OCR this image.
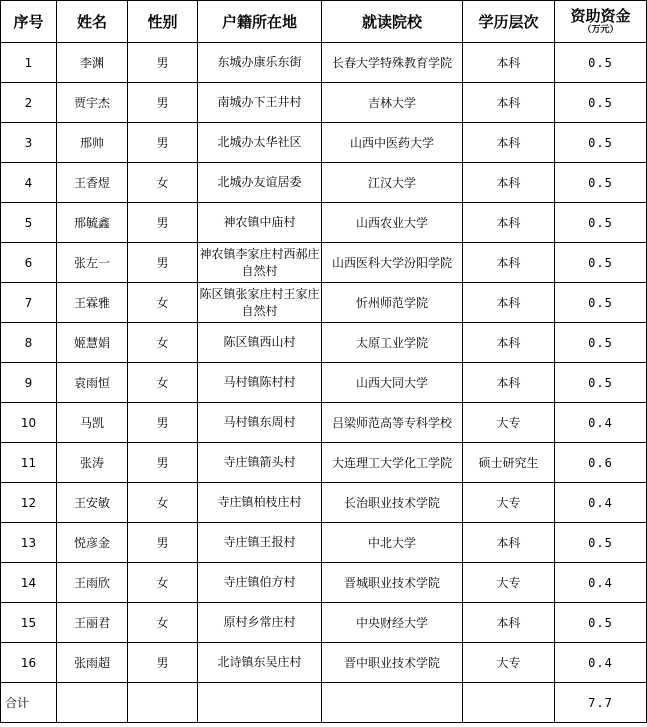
序号	姓名	性别	户籍所在地	就读院校	学历层次	资助资金
（万元）

1	李渊	男	东城办康乐东街	长春大学特殊教育学院	本科	0.5
2	贾宇杰	男	南城办下王井村	吉林大学	本科	0.5
3	邢帅	男	北城办太华社区	山西中医药大学	本科	0.5
4	王香煜	女	北城办友谊居委	江汉大学	本科	0.5
5	邢毓鑫	男	神农镇中庙村	山西农业大学	本科	0.5
6	张左一	男	神农镇李家庄村西郝庄自然村	山西医科大学汾阳学院	本科	0.5
7	王霖雅	女	陈区镇张家庄村王家庄自然村	忻州师范学院	本科	0.5
8	姬慧娟	女	陈区镇西山村	太原工业学院	本科	0.5
9	袁雨恒	女	马村镇陈村村	山西大同大学	本科	0.5
10	马凯	男	马村镇东周村	吕梁师范高等专科学校	大专	0.4
11	张涛	男	寺庄镇箭头村	大连理工大学化工学院	硕士研究生	0.6
12	王安敏	女	寺庄镇柏枝庄村	长治职业技术学院	大专	0.4
13	悦彦金	男	寺庄镇王报村	中北大学	本科	0.5
14	王雨欣	女	寺庄镇伯方村	晋城职业技术学院	大专	0.4
15	王丽君	女	原村乡常庄村	中央财经大学	本科	0.5
16	张雨超	男	北诗镇东吴庄村	晋中职业技术学院	大专	0.4
合计						7.7
